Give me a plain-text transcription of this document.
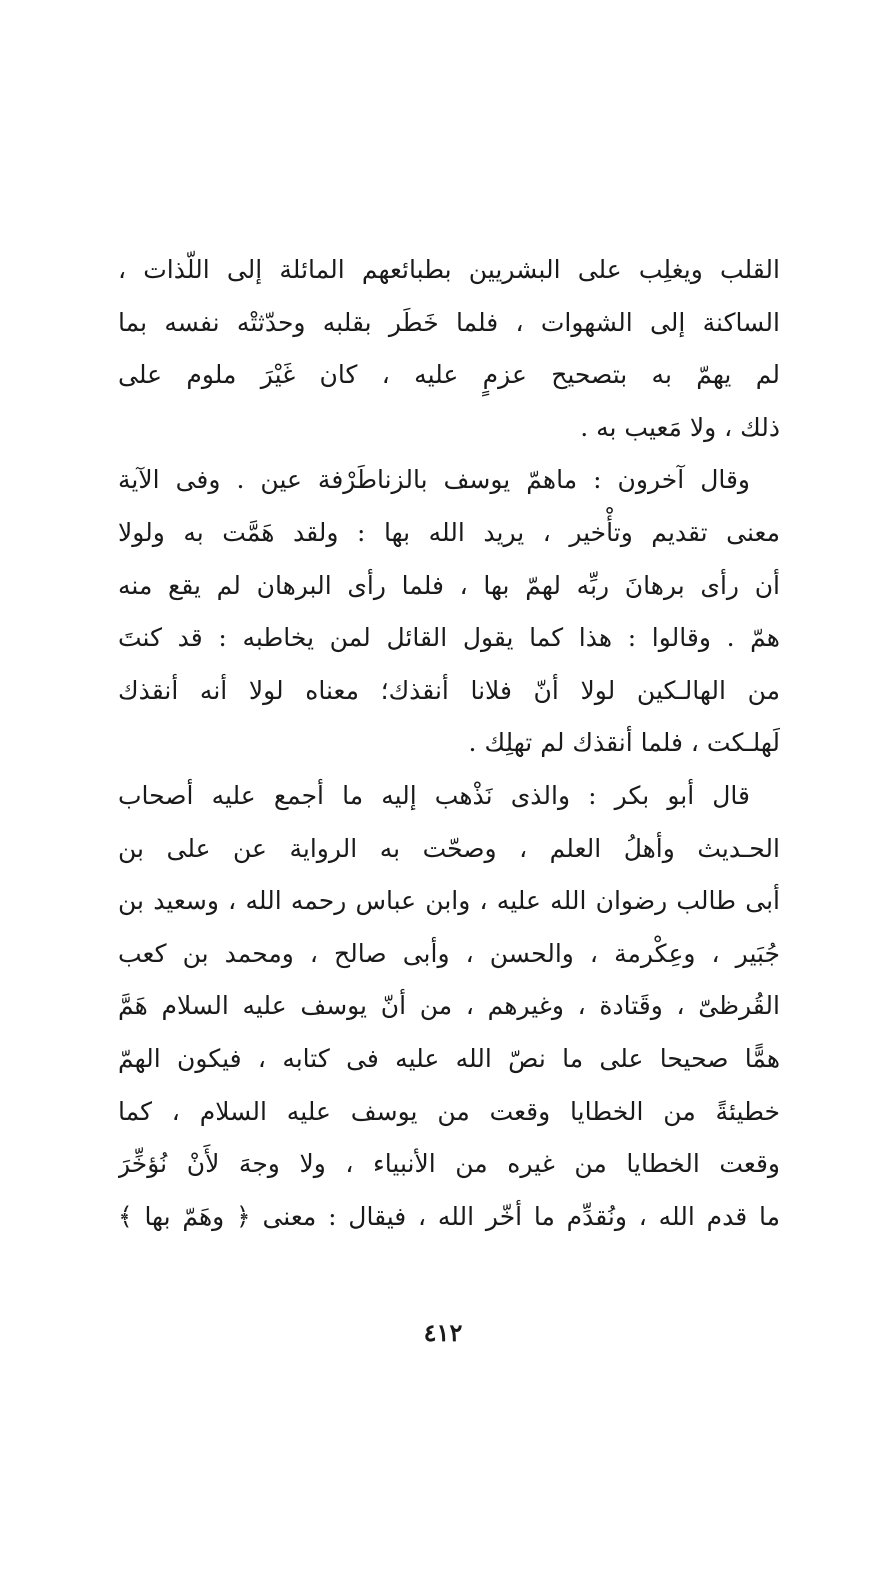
القلب ويغلِب على البشريين بطبائعهم المائلة إلى اللّذات ،
الساكنة إلى الشهوات ، فلما خَطَر بقلبه وحدّثتْه نفسه بما
لم يهمّ به بتصحيح عزمٍ عليه ، كان غَيْرَ ملوم على
ذلك ، ولا مَعيب به .
وقال آخرون : ماهمّ يوسف بالزناطَرْفة عين . وفى الآية
معنى تقديم وتأْخير ، يريد الله بها : ولقد هَمَّت به ولولا
أن رأى برهانَ ربِّه لهمّ بها ، فلما رأى البرهان لم يقع منه
همّ . وقالوا : هذا كما يقول القائل لمن يخاطبه : قد كنتَ
من الهالـكين لولا أنّ فلانا أنقذك؛ معناه لولا أنه أنقذك
لَهلـكت ، فلما أنقذك لم تهلِك .
قال أبو بكر : والذى نَذْهب إليه ما أجمع عليه أصحاب
الحـديث وأهلُ العلم ، وصحّت به الرواية عن على بن
أبى طالب رضوان الله عليه ، وابن عباس رحمه الله ، وسعيد بن
جُبَير ، وعِكْرمة ، والحسن ، وأبى صالح ، ومحمد بن كعب
القُرظىّ ، وقَتادة ، وغيرهم ، من أنّ يوسف عليه السلام هَمَّ
همًّا صحيحا على ما نصّ الله عليه فى كتابه ، فيكون الهمّ
خطيئةً من الخطايا وقعت من يوسف عليه السلام ، كما
وقعت الخطايا من غيره من الأنبياء ، ولا وجهَ لأَنْ نُؤخِّرَ
ما قدم الله ، ونُقدِّم ما أخّر الله ، فيقال : معنى ﴿ وهَمّ بها ﴾
٤١٢
